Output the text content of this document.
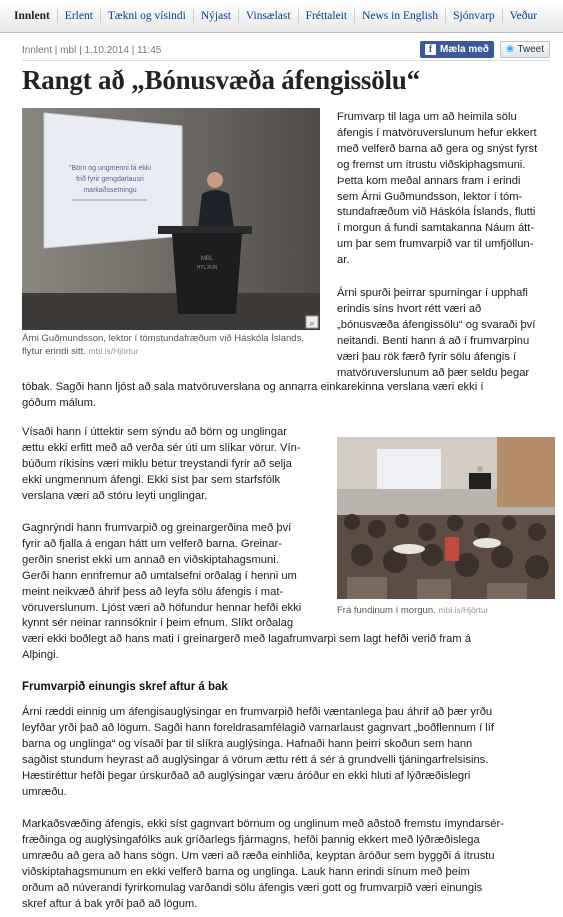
Innlent	Erlent	Tækni og vísindi	Nýjast	Vinsælast	Fréttaleit	News in English	Sjónvarp	Veður
Innlent | mbl | 1.10.2014 | 11:45	f Mæla með ❀ Tweet
Rangt að „Bónusvæða áfengissölu“
"Börn og ungmenni fá ekki
frið fyrir gengdarlausri
markaðssetningu
MBL
HYLJINN
⌕
Árni Guðmundsson, lektor í tómstundafræðum við Háskóla Íslands, flytur erindi sitt. mbl.is/Hjörtur
Frumvarp til laga um að heimila sölu
áfengis í matvöruverslunum hefur ekkert
með velferð barna að gera og snýst fyrst
og fremst um ítrustu viðskiphagsmuni.
Þetta kom meðal annars fram í erindi
sem Árni Guðmundsson, lektor í tóm-
stundafræðum við Háskóla Íslands, flutti
í morgun á fundi samtakanna Náum átt-
um þar sem frumvarpið var til umfjöllun-
ar.
Árni spurði þeirrar spurningar í upphafi
erindis síns hvort rétt væri að
„bónusvæða áfengissölu“ og svaraði því
neitandi. Benti hann á að í frumvarpinu
væri þau rök færð fyrir sölu áfengis í
matvöruverslunum að þær seldu þegar
tóbak. Sagði hann ljóst að sala matvöruverslana og annarra einkarekinna verslana væri ekki í
góðum málum.
Frá fundinum í morgun. mbl.is/Hjörtur
Vísaði hann í úttektir sem sýndu að börn og unglingar
ættu ekki erfitt með að verða sér úti um slíkar vörur. Vín-
búðum ríkisins væri miklu betur treystandi fyrir að selja
ekki ungmennum áfengi. Ekki síst þar sem starfsfólk
verslana væri að stóru leyti unglingar.
Gagnrýndi hann frumvarpið og greinargerðina með því
fyrir að fjalla á engan hátt um velferð barna. Greinar-
gerðin snerist ekki um annað en viðskiptahagsmuni.
Gerði hann ennfremur að umtalsefni orðalag í henni um
meint neikvæð áhrif þess að leyfa sölu áfengis í mat-
vöruverslunum. Ljóst væri að höfundur hennar hefði ekki
kynnt sér neinar rannsóknir í þeim efnum. Slíkt orðalag
væri ekki boðlegt að hans mati í greinargerð með lagafrumvarpi sem lagt hefði verið fram á
Alþingi.
Frumvarpið einungis skref aftur á bak
Árni ræddi einnig um áfengisauglýsingar en frumvarpið hefði væntanlega þau áhrif að þær yrðu
leyfðar yrði það að lögum. Sagði hann foreldrasamfélagið varnarlaust gagnvart „boðflennum í líf
barna og unglinga“ og vísaði þar til slíkra auglýsinga. Hafnaði hann þeirri skoðun sem hann
sagðist stundum heyrast að auglýsingar á vörum ættu rétt á sér á grundvelli tjáningarfrelsisins.
Hæstiréttur hefði þegar úrskurðað að auglýsingar væru áróður en ekki hluti af lýðræðislegri
umræðu.
Markaðsvæðing áfengis, ekki síst gagnvart börnum og unglinum með aðstoð fremstu ímyndarsér-
fræðinga og auglýsingafólks auk gríðarlegs fjármagns, hefði þannig ekkert með lýðræðislega
umræðu að gera að hans sögn. Um væri að ræða einhliða, keyptan áróður sem byggði á ítrustu
viðskiptahagsmunum en ekki velferð barna og unglinga. Lauk hann erindi sínum með þeim
orðum að núverandi fyrirkomulag varðandi sölu áfengis væri gott og frumvarpið væri einungis
skref aftur á bak yrði það að lögum.
